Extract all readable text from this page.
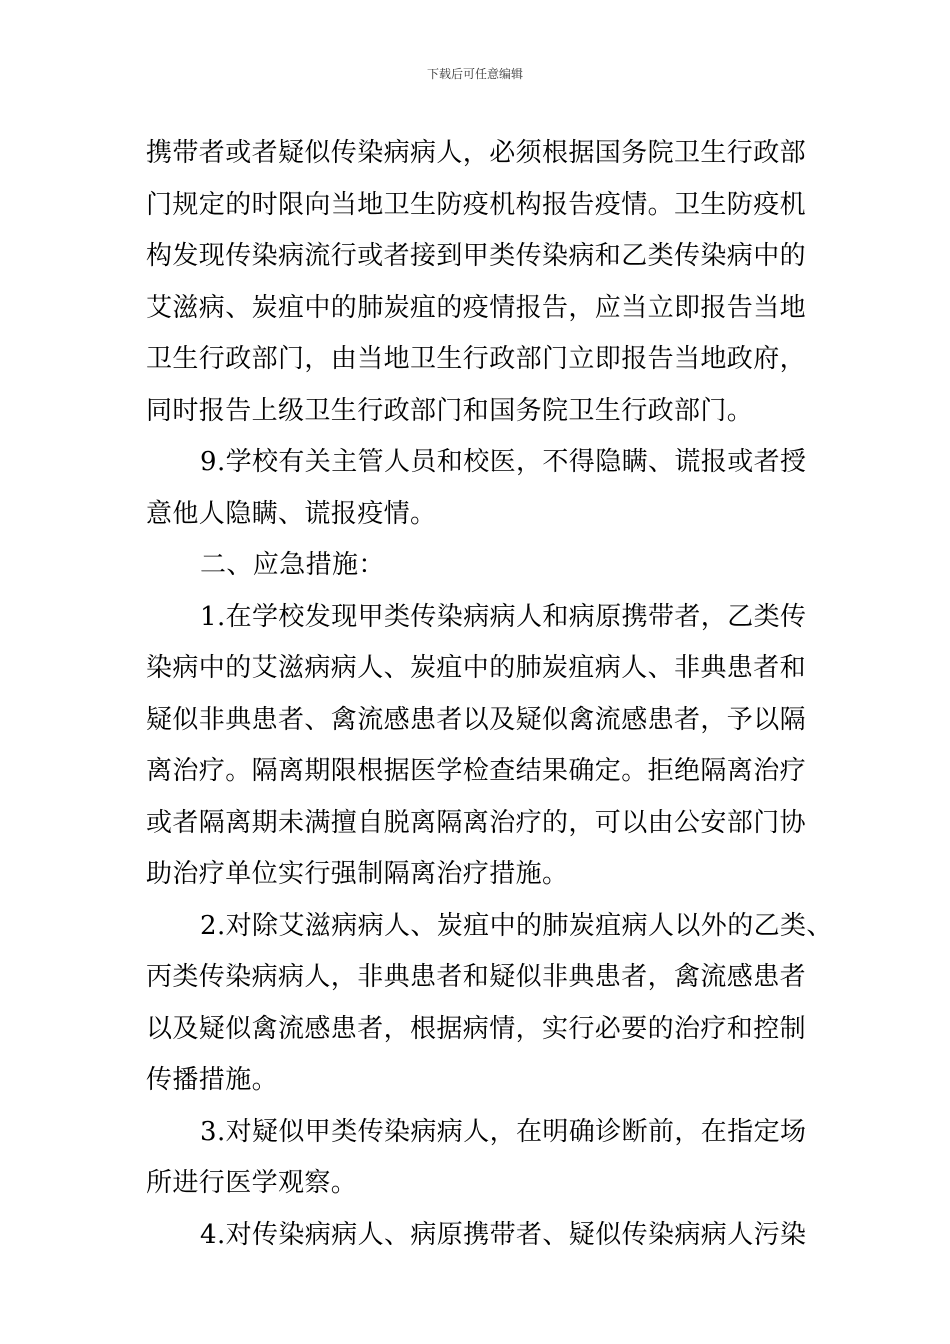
下载后可任意编辑

携带者或者疑似传染病病人，必须根据国务院卫生行政部
门规定的时限向当地卫生防疫机构报告疫情。卫生防疫机
构发现传染病流行或者接到甲类传染病和乙类传染病中的
艾滋病、炭疽中的肺炭疽的疫情报告，应当立即报告当地
卫生行政部门，由当地卫生行政部门立即报告当地政府，
同时报告上级卫生行政部门和国务院卫生行政部门。

9.学校有关主管人员和校医，不得隐瞒、谎报或者授
意他人隐瞒、谎报疫情。

二、应急措施：

1.在学校发现甲类传染病病人和病原携带者，乙类传
染病中的艾滋病病人、炭疽中的肺炭疽病人、非典患者和
疑似非典患者、禽流感患者以及疑似禽流感患者，予以隔
离治疗。隔离期限根据医学检查结果确定。拒绝隔离治疗
或者隔离期未满擅自脱离隔离治疗的，可以由公安部门协
助治疗单位实行强制隔离治疗措施。

2.对除艾滋病病人、炭疽中的肺炭疽病人以外的乙类、
丙类传染病病人，非典患者和疑似非典患者，禽流感患者
以及疑似禽流感患者，根据病情，实行必要的治疗和控制
传播措施。

3.对疑似甲类传染病病人，在明确诊断前，在指定场
所进行医学观察。

4.对传染病病人、病原携带者、疑似传染病病人污染
